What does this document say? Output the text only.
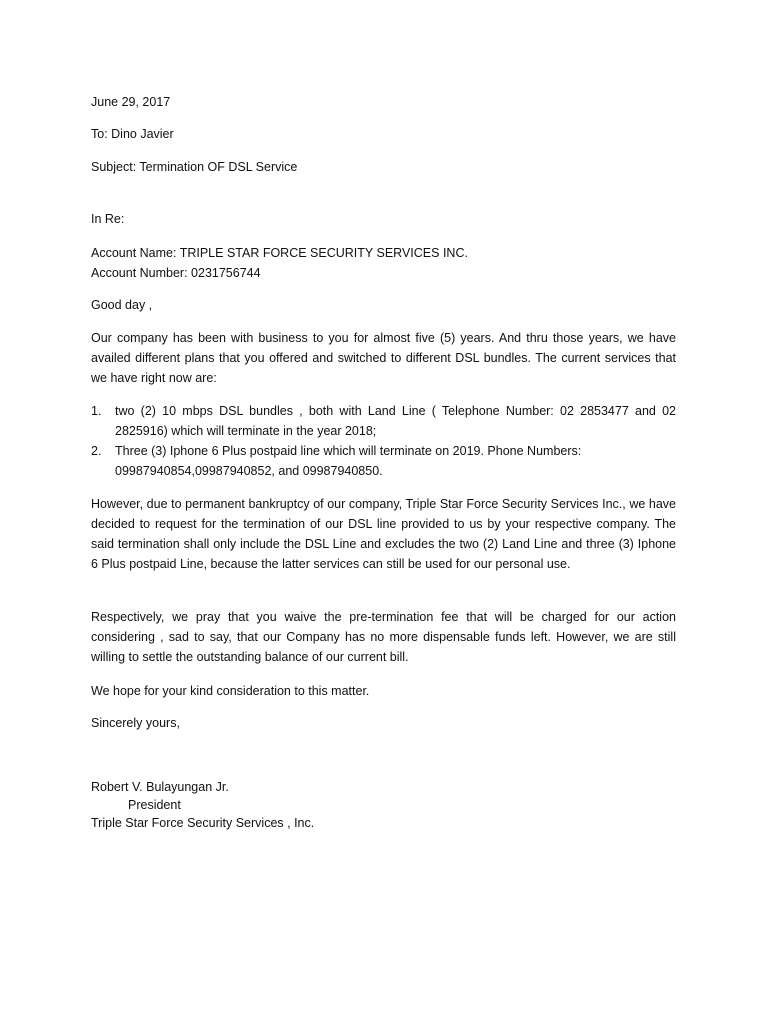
June 29, 2017

To: Dino Javier

Subject: Termination OF DSL Service

In Re:

Account Name: TRIPLE STAR FORCE SECURITY SERVICES INC.

Account Number: 0231756744

Good day ,

Our company has been with business to you for almost five (5) years. And thru those years, we have availed different plans that you offered and switched to different DSL bundles. The current services that we have right now are:

1.	two (2) 10 mbps DSL bundles , both with Land Line ( Telephone Number: 02 2853477 and 02 2825916) which will terminate in the year 2018;
2.	Three (3) Iphone 6 Plus postpaid line which will terminate on 2019. Phone Numbers: 09987940854,09987940852, and 09987940850.

However, due to permanent bankruptcy of our company, Triple Star Force Security Services Inc., we have decided to request for the termination of our DSL line provided to us by your respective company. The said termination shall only include the DSL Line and excludes the two (2) Land Line and three (3) Iphone 6 Plus postpaid Line, because the latter services can still be used for our personal use.

Respectively, we pray that you waive the pre-termination fee that will be charged for our action considering , sad to say, that our Company has no more dispensable funds left. However, we are still willing to settle the outstanding balance of our current bill.

We hope for your kind consideration to this matter.

Sincerely yours,

Robert V. Bulayungan Jr.
President
Triple Star Force Security Services , Inc.
